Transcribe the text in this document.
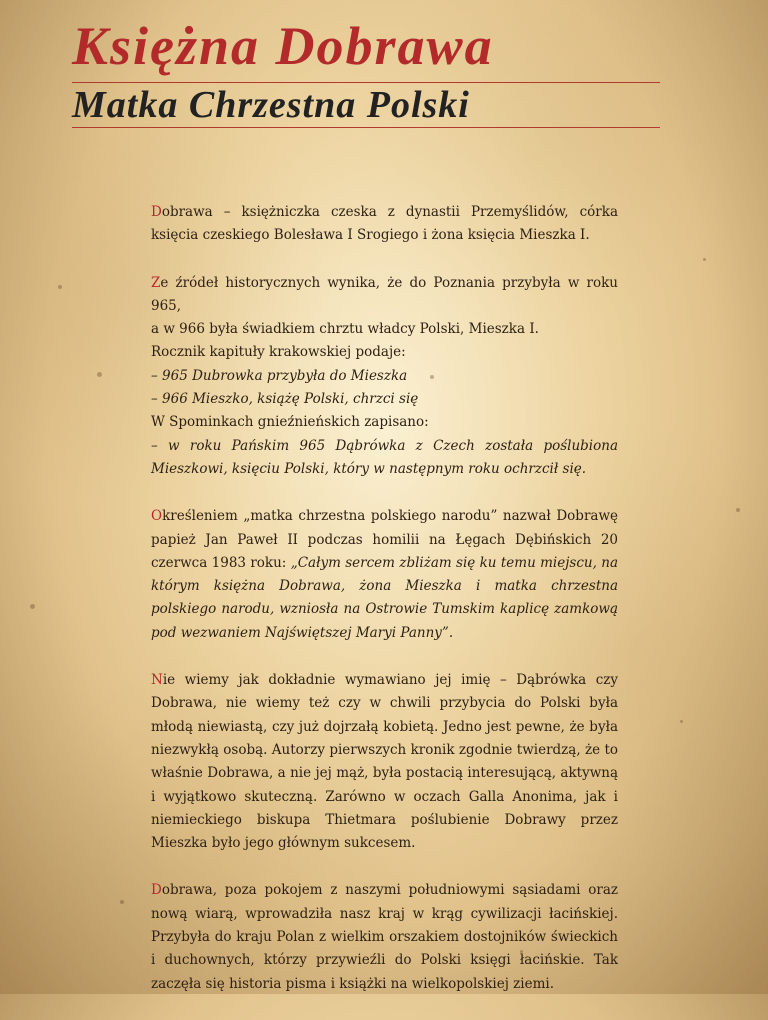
Księżna Dobrawa
Matka Chrzestna Polski

Dobrawa – księżniczka czeska z dynastii Przemyślidów, córka księcia czeskiego Bolesława I Srogiego i żona księcia Mieszka I.

Ze źródeł historycznych wynika, że do Poznania przybyła w roku 965,
a w 966 była świadkiem chrztu władcy Polski, Mieszka I.
Rocznik kapituły krakowskiej podaje:
– 965 Dubrowka przybyła do Mieszka
– 966 Mieszko, książę Polski, chrzci się
W Spominkach gnieźnieńskich zapisano:
– w roku Pańskim 965 Dąbrówka z Czech została poślubiona Mieszkowi, księciu Polski, który w następnym roku ochrzcił się.

Określeniem „matka chrzestna polskiego narodu” nazwał Dobrawę papież Jan Paweł II podczas homilii na Łęgach Dębińskich 20 czerwca 1983 roku: „Całym sercem zbliżam się ku temu miejscu, na którym księżna Dobrawa, żona Mieszka i matka chrzestna polskiego narodu, wzniosła na Ostrowie Tumskim kaplicę zamkową pod wezwaniem Najświętszej Maryi Panny”.

Nie wiemy jak dokładnie wymawiano jej imię – Dąbrówka czy Dobrawa, nie wiemy też czy w chwili przybycia do Polski była młodą niewiastą, czy już dojrzałą kobietą. Jedno jest pewne, że była niezwykłą osobą. Autorzy pierwszych kronik zgodnie twierdzą, że to właśnie Dobrawa, a nie jej mąż, była postacią interesującą, aktywną i wyjątkowo skuteczną. Zarówno w oczach Galla Anonima, jak i niemieckiego biskupa Thietmara poślubienie Dobrawy przez Mieszka było jego głównym sukcesem.

Dobrawa, poza pokojem z naszymi południowymi sąsiadami oraz nową wiarą, wprowadziła nasz kraj w krąg cywilizacji łacińskiej. Przybyła do kraju Polan z wielkim orszakiem dostojników świeckich i duchownych, którzy przywieźli do Polski księgi łacińskie. Tak zaczęła się historia pisma i książki na wielkopolskiej ziemi.
